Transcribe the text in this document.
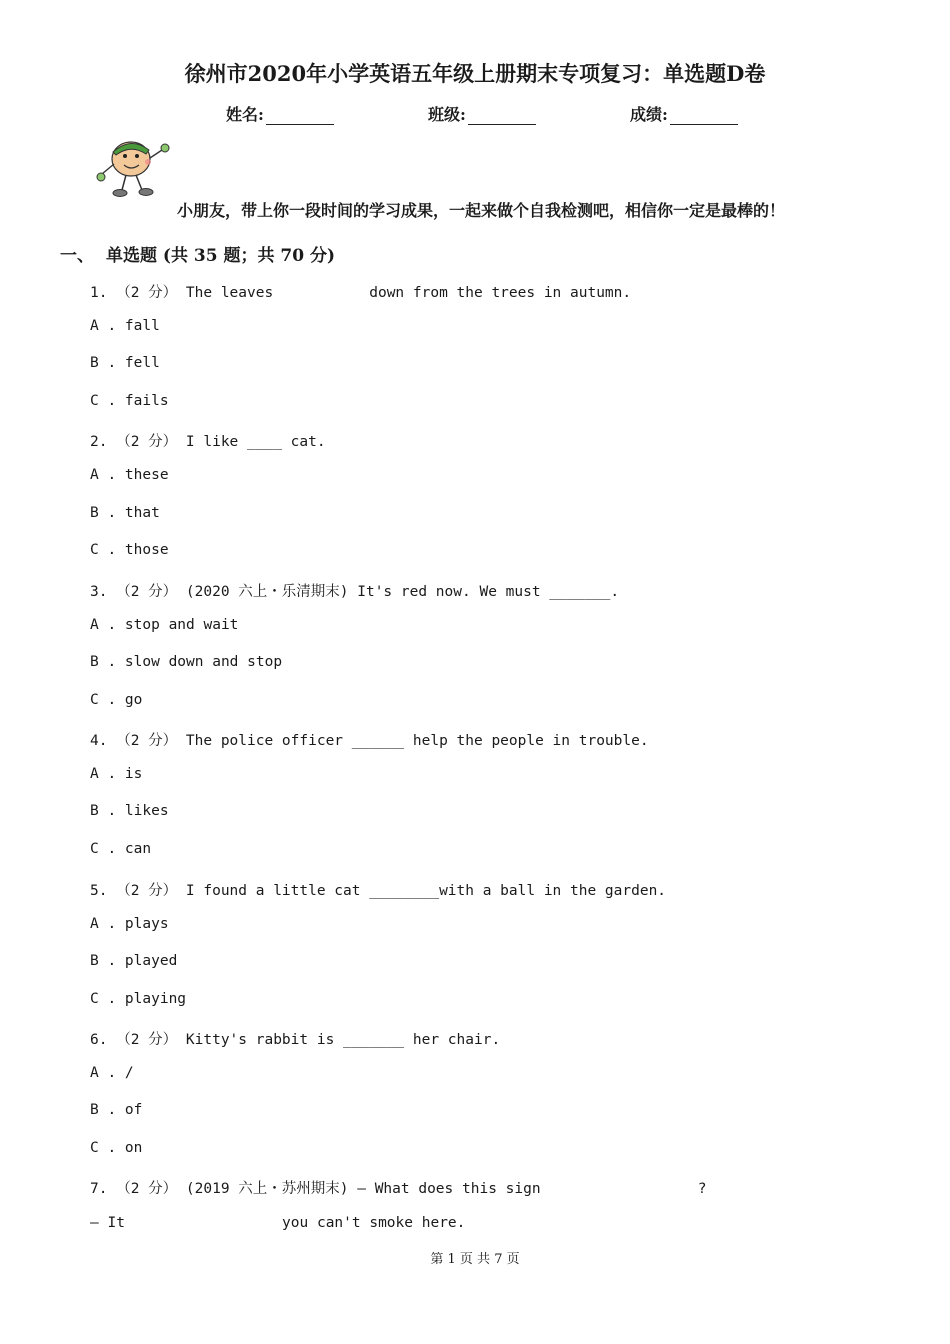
徐州市2020年小学英语五年级上册期末专项复习：单选题D卷
姓名:	班级:	成绩:
小朋友，带上你一段时间的学习成果，一起来做个自我检测吧，相信你一定是最棒的！
一、 单选题 (共 35 题；共 70 分)
1. （2 分） The leaves           down from the trees in autumn.
A . fall
B . fell
C . fails
2. （2 分） I like ____ cat.
A . these
B . that
C . those
3. （2 分） (2020 六上・乐清期末) It's red now. We must _______.
A . stop and wait
B . slow down and stop
C . go
4. （2 分） The police officer ______ help the people in trouble.
A . is
B . likes
C . can
5. （2 分） I found a little cat ________with a ball in the garden.
A . plays
B . played
C . playing
6. （2 分） Kitty's rabbit is _______ her chair.
A . /
B . of
C . on
7. （2 分） (2019 六上・苏州期末) — What does this sign                  ?
— It                  you can't smoke here.
第 1 页 共 7 页
